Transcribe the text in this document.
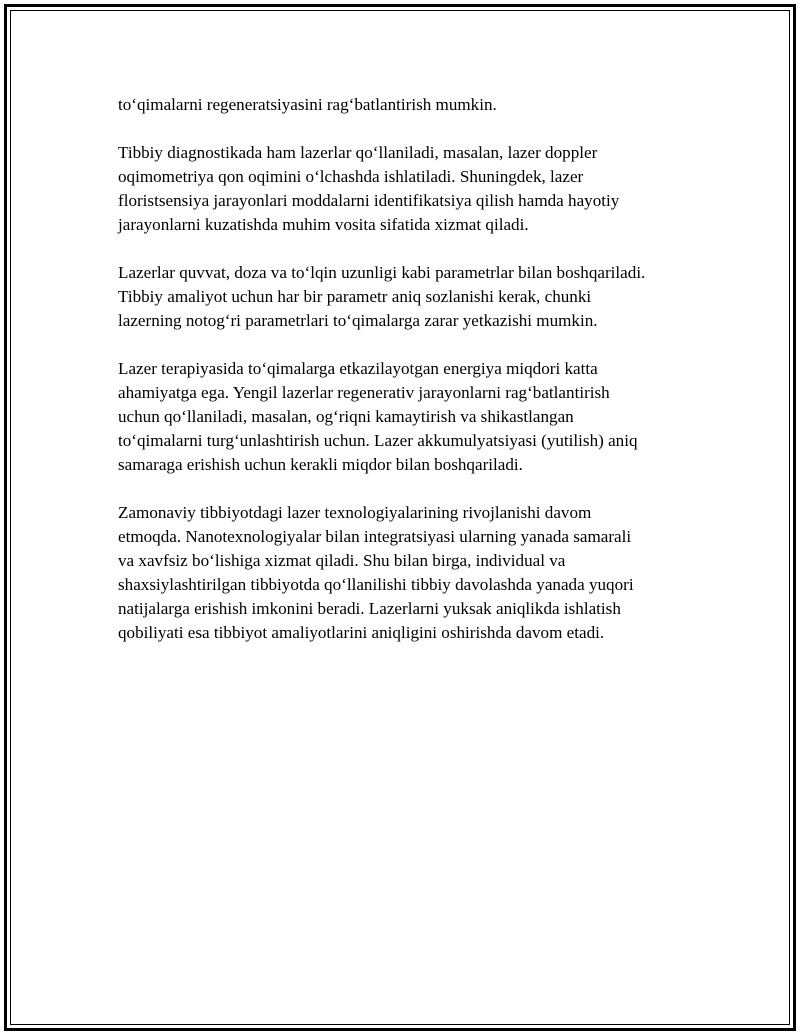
to‘qimalarni regeneratsiyasini rag‘batlantirish mumkin.
Tibbiy diagnostikada ham lazerlar qo‘llaniladi, masalan, lazer doppler
oqimometriya qon oqimini o‘lchashda ishlatiladi. Shuningdek, lazer
floristsensiya jarayonlari moddalarni identifikatsiya qilish hamda hayotiy
jarayonlarni kuzatishda muhim vosita sifatida xizmat qiladi.
Lazerlar quvvat, doza va to‘lqin uzunligi kabi parametrlar bilan boshqariladi.
Tibbiy amaliyot uchun har bir parametr aniq sozlanishi kerak, chunki
lazerning notog‘ri parametrlari to‘qimalarga zarar yetkazishi mumkin.
Lazer terapiyasida to‘qimalarga etkazilayotgan energiya miqdori katta
ahamiyatga ega. Yengil lazerlar regenerativ jarayonlarni rag‘batlantirish
uchun qo‘llaniladi, masalan, og‘riqni kamaytirish va shikastlangan
to‘qimalarni turg‘unlashtirish uchun. Lazer akkumulyatsiyasi (yutilish) aniq
samaraga erishish uchun kerakli miqdor bilan boshqariladi.
Zamonaviy tibbiyotdagi lazer texnologiyalarining rivojlanishi davom
etmoqda. Nanotexnologiyalar bilan integratsiyasi ularning yanada samarali
va xavfsiz bo‘lishiga xizmat qiladi. Shu bilan birga, individual va
shaxsiylashtirilgan tibbiyotda qo‘llanilishi tibbiy davolashda yanada yuqori
natijalarga erishish imkonini beradi. Lazerlarni yuksak aniqlikda ishlatish
qobiliyati esa tibbiyot amaliyotlarini aniqligini oshirishda davom etadi.
